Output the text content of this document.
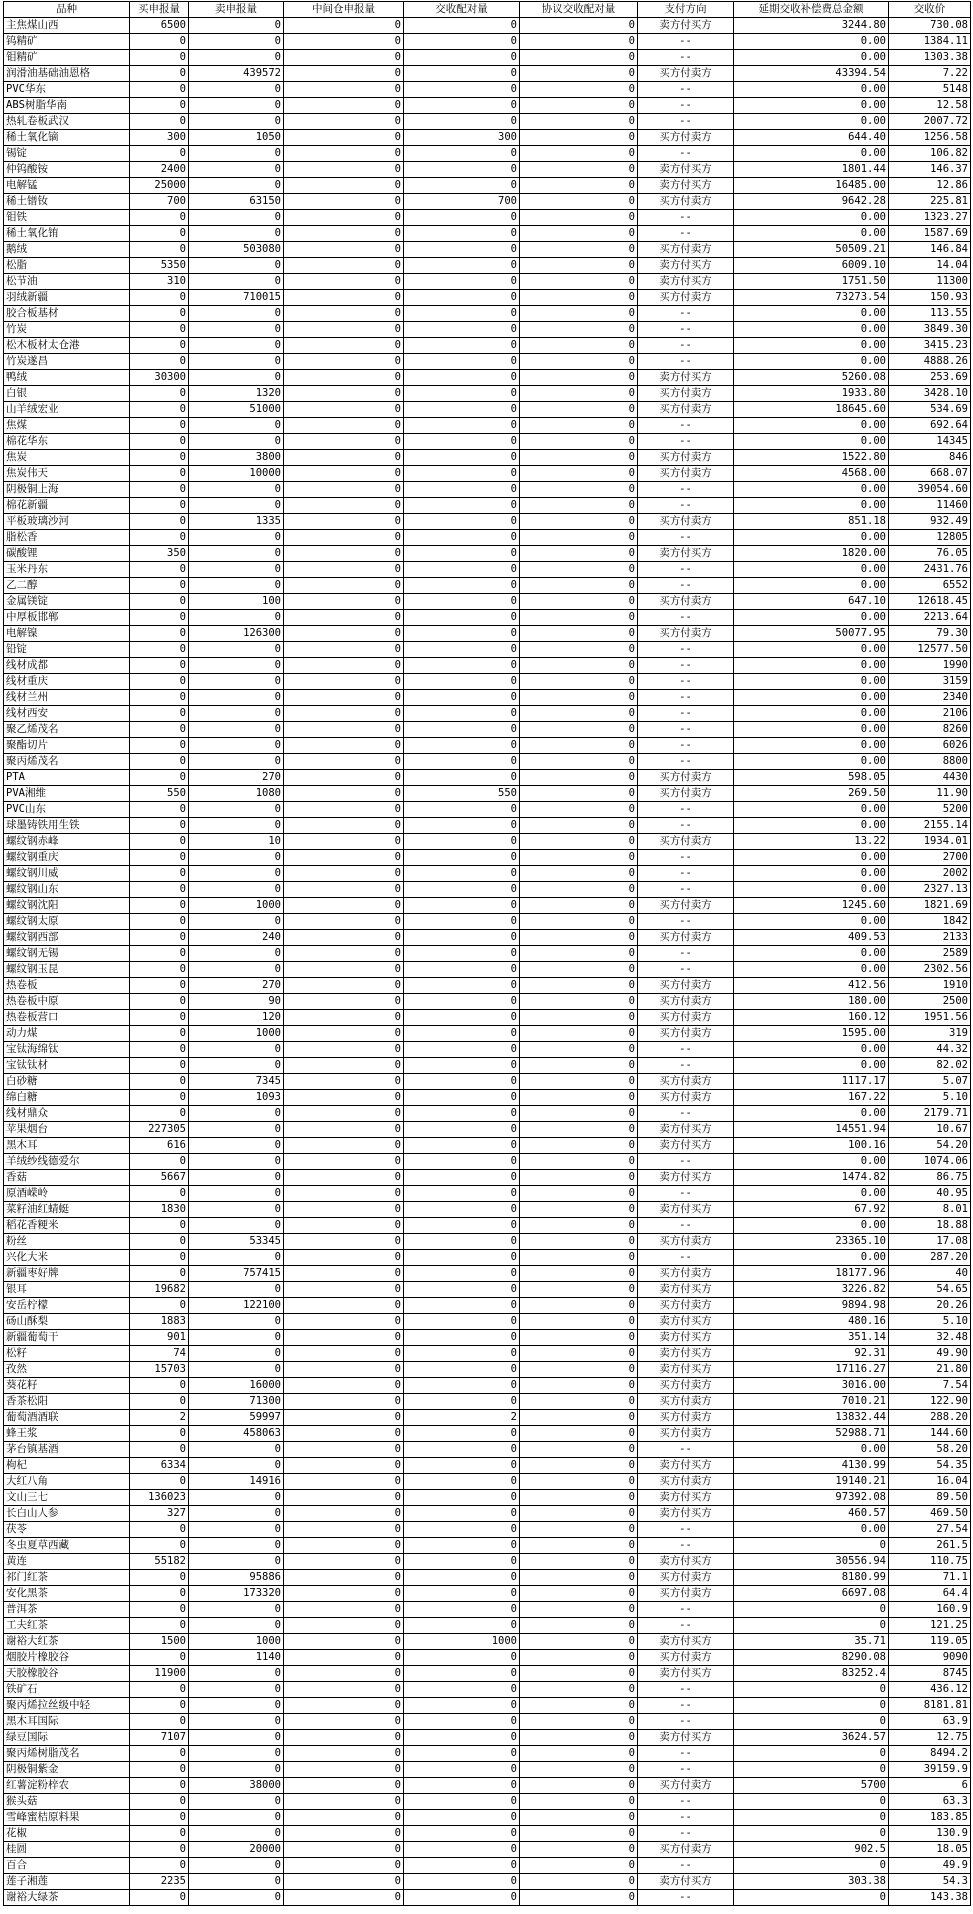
品种	买申报量	卖申报量	中间仓申报量	交收配对量	协议交收配对量	支付方向	延期交收补偿费总金额	交收价
主焦煤山西	6500	0	0	0	0	卖方付买方	3244.80	730.08
钨精矿	0	0	0	0	0	--	0.00	1384.11
钼精矿	0	0	0	0	0	--	0.00	1303.38
润滑油基础油恩格	0	439572	0	0	0	买方付卖方	43394.54	7.22
PVC华东	0	0	0	0	0	--	0.00	5148
ABS树脂华南	0	0	0	0	0	--	0.00	12.58
热轧卷板武汉	0	0	0	0	0	--	0.00	2007.72
稀土氧化镝	300	1050	0	300	0	买方付卖方	644.40	1256.58
锡锭	0	0	0	0	0	--	0.00	106.82
仲钨酸铵	2400	0	0	0	0	卖方付买方	1801.44	146.37
电解锰	25000	0	0	0	0	卖方付买方	16485.00	12.86
稀土镨钕	700	63150	0	700	0	买方付卖方	9642.28	225.81
钼铁	0	0	0	0	0	--	0.00	1323.27
稀土氧化铕	0	0	0	0	0	--	0.00	1587.69
鹅绒	0	503080	0	0	0	买方付卖方	50509.21	146.84
松脂	5350	0	0	0	0	卖方付买方	6009.10	14.04
松节油	310	0	0	0	0	卖方付买方	1751.50	11300
羽绒新疆	0	710015	0	0	0	买方付卖方	73273.54	150.93
胶合板基材	0	0	0	0	0	--	0.00	113.55
竹炭	0	0	0	0	0	--	0.00	3849.30
松木板材太仓港	0	0	0	0	0	--	0.00	3415.23
竹炭遂昌	0	0	0	0	0	--	0.00	4888.26
鸭绒	30300	0	0	0	0	卖方付买方	5260.08	253.69
白银	0	1320	0	0	0	买方付卖方	1933.80	3428.10
山羊绒宏业	0	51000	0	0	0	买方付卖方	18645.60	534.69
焦煤	0	0	0	0	0	--	0.00	692.64
棉花华东	0	0	0	0	0	--	0.00	14345
焦炭	0	3800	0	0	0	买方付卖方	1522.80	846
焦炭伟天	0	10000	0	0	0	买方付卖方	4568.00	668.07
阴极铜上海	0	0	0	0	0	--	0.00	39054.60
棉花新疆	0	0	0	0	0	--	0.00	11460
平板玻璃沙河	0	1335	0	0	0	买方付卖方	851.18	932.49
脂松香	0	0	0	0	0	--	0.00	12805
碳酸锂	350	0	0	0	0	卖方付买方	1820.00	76.05
玉米丹东	0	0	0	0	0	--	0.00	2431.76
乙二醇	0	0	0	0	0	--	0.00	6552
金属镁锭	0	100	0	0	0	买方付卖方	647.10	12618.45
中厚板邯郸	0	0	0	0	0	--	0.00	2213.64
电解镍	0	126300	0	0	0	买方付卖方	50077.95	79.30
铅锭	0	0	0	0	0	--	0.00	12577.50
线材成都	0	0	0	0	0	--	0.00	1990
线材重庆	0	0	0	0	0	--	0.00	3159
线材兰州	0	0	0	0	0	--	0.00	2340
线材西安	0	0	0	0	0	--	0.00	2106
聚乙烯茂名	0	0	0	0	0	--	0.00	8260
聚酯切片	0	0	0	0	0	--	0.00	6026
聚丙烯茂名	0	0	0	0	0	--	0.00	8800
PTA	0	270	0	0	0	买方付卖方	598.05	4430
PVA湘维	550	1080	0	550	0	买方付卖方	269.50	11.90
PVC山东	0	0	0	0	0	--	0.00	5200
球墨铸铁用生铁	0	0	0	0	0	--	0.00	2155.14
螺纹钢赤峰	0	10	0	0	0	买方付卖方	13.22	1934.01
螺纹钢重庆	0	0	0	0	0	--	0.00	2700
螺纹钢川威	0	0	0	0	0	--	0.00	2002
螺纹钢山东	0	0	0	0	0	--	0.00	2327.13
螺纹钢沈阳	0	1000	0	0	0	买方付卖方	1245.60	1821.69
螺纹钢太原	0	0	0	0	0	--	0.00	1842
螺纹钢西部	0	240	0	0	0	买方付卖方	409.53	2133
螺纹钢无锡	0	0	0	0	0	--	0.00	2589
螺纹钢玉昆	0	0	0	0	0	--	0.00	2302.56
热卷板	0	270	0	0	0	买方付卖方	412.56	1910
热卷板中原	0	90	0	0	0	买方付卖方	180.00	2500
热卷板营口	0	120	0	0	0	买方付卖方	160.12	1951.56
动力煤	0	1000	0	0	0	买方付卖方	1595.00	319
宝钛海绵钛	0	0	0	0	0	--	0.00	44.32
宝钛钛材	0	0	0	0	0	--	0.00	82.02
白砂糖	0	7345	0	0	0	买方付卖方	1117.17	5.07
绵白糖	0	1093	0	0	0	买方付卖方	167.22	5.10
线材鼎众	0	0	0	0	0	--	0.00	2179.71
苹果烟台	227305	0	0	0	0	卖方付买方	14551.94	10.67
黑木耳	616	0	0	0	0	卖方付买方	100.16	54.20
羊绒纱线德爱尔	0	0	0	0	0	--	0.00	1074.06
香菇	5667	0	0	0	0	卖方付买方	1474.82	86.75
原酒嵘岭	0	0	0	0	0	--	0.00	40.95
菜籽油红蜻蜓	1830	0	0	0	0	卖方付买方	67.92	8.01
稻花香粳米	0	0	0	0	0	--	0.00	18.88
粉丝	0	53345	0	0	0	买方付卖方	23365.10	17.08
兴化大米	0	0	0	0	0	--	0.00	287.20
新疆枣好牌	0	757415	0	0	0	买方付卖方	18177.96	40
银耳	19682	0	0	0	0	卖方付买方	3226.82	54.65
安岳柠檬	0	122100	0	0	0	买方付卖方	9894.98	20.26
砀山酥梨	1883	0	0	0	0	卖方付买方	480.16	5.10
新疆葡萄干	901	0	0	0	0	卖方付买方	351.14	32.48
松籽	74	0	0	0	0	卖方付买方	92.31	49.90
孜然	15703	0	0	0	0	卖方付买方	17116.27	21.80
葵花籽	0	16000	0	0	0	买方付卖方	3016.00	7.54
香茶松阳	0	71300	0	0	0	买方付卖方	7010.21	122.90
葡萄酒酒联	2	59997	0	2	0	买方付卖方	13832.44	288.20
蜂王浆	0	458063	0	0	0	买方付卖方	52988.71	144.60
茅台镇基酒	0	0	0	0	0	--	0.00	58.20
枸杞	6334	0	0	0	0	卖方付买方	4130.99	54.35
大红八角	0	14916	0	0	0	买方付卖方	19140.21	16.04
文山三七	136023	0	0	0	0	卖方付买方	97392.08	89.50
长白山人参	327	0	0	0	0	卖方付买方	460.57	469.50
茯苓	0	0	0	0	0	--	0.00	27.54
冬虫夏草西藏	0	0	0	0	0	--	0	261.5
黄连	55182	0	0	0	0	卖方付买方	30556.94	110.75
祁门红茶	0	95886	0	0	0	买方付卖方	8180.99	71.1
安化黑茶	0	173320	0	0	0	买方付卖方	6697.08	64.4
普洱茶	0	0	0	0	0	--	0	160.9
工夫红茶	0	0	0	0	0	--	0	121.25
谢裕大红茶	1500	1000	0	1000	0	卖方付买方	35.71	119.05
烟胶片橡胶谷	0	1140	0	0	0	买方付卖方	8290.08	9090
天胶橡胶谷	11900	0	0	0	0	卖方付买方	83252.4	8745
铁矿石	0	0	0	0	0	--	0	436.12
聚丙烯拉丝级中轻	0	0	0	0	0	--	0	8181.81
黑木耳国际	0	0	0	0	0	--	0	63.9
绿豆国际	7107	0	0	0	0	卖方付买方	3624.57	12.75
聚丙烯树脂茂名	0	0	0	0	0	--	0	8494.2
阴极铜紫金	0	0	0	0	0	--	0	39159.9
红薯淀粉梓农	0	38000	0	0	0	买方付卖方	5700	6
猴头菇	0	0	0	0	0	--	0	63.3
雪峰蜜桔原料果	0	0	0	0	0	--	0	183.85
花椒	0	0	0	0	0	--	0	130.9
桂圆	0	20000	0	0	0	买方付卖方	902.5	18.05
百合	0	0	0	0	0	--	0	49.9
莲子湘莲	2235	0	0	0	0	卖方付买方	303.38	54.3
谢裕大绿茶	0	0	0	0	0	--	0	143.38
